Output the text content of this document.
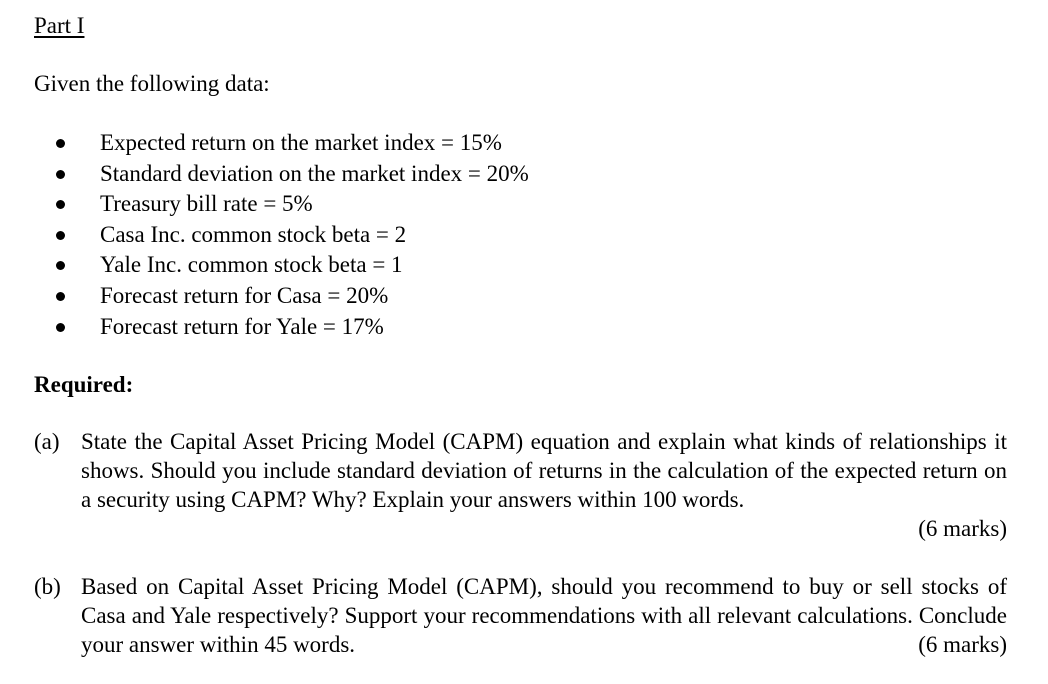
Part I

Given the following data:

Expected return on the market index = 15%
Standard deviation on the market index = 20%
Treasury bill rate = 5%
Casa Inc. common stock beta = 2
Yale Inc. common stock beta = 1
Forecast return for Casa = 20%
Forecast return for Yale = 17%
Required:
(a) State the Capital Asset Pricing Model (CAPM) equation and explain what kinds of relationships it shows. Should you include standard deviation of returns in the calculation of the expected return on a security using CAPM? Why? Explain your answers within 100 words.

(6 marks)
(b) Based on Capital Asset Pricing Model (CAPM), should you recommend to buy or sell stocks of Casa and Yale respectively? Support your recommendations with all relevant calculations. Conclude your answer within 45 words.	(6 marks)
